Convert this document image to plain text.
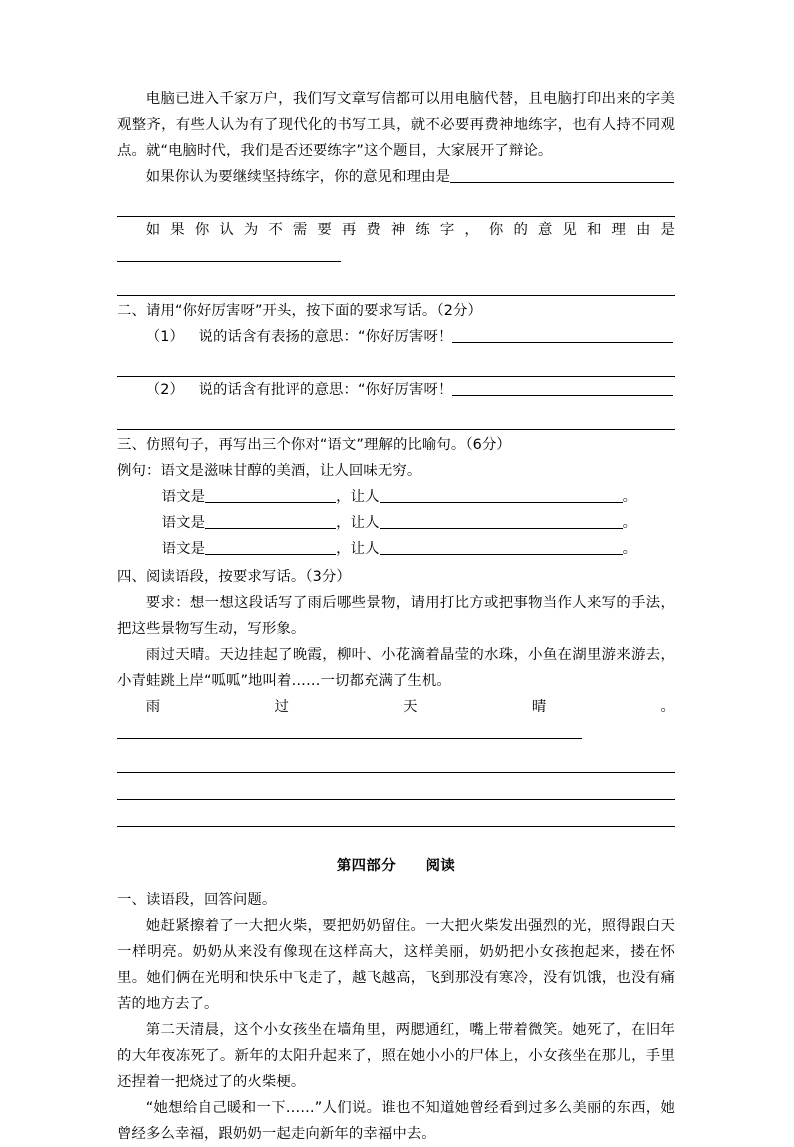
电脑已进入千家万户，我们写文章写信都可以用电脑代替，且电脑打印出来的字美观整齐，有些人认为有了现代化的书写工具，就不必要再费神地练字，也有人持不同观点。就“电脑时代，我们是否还要练字”这个题目，大家展开了辩论。

如果你认为要继续坚持练字，你的意见和理由是

如果你认为不需要再费神练字，你的意见和理由是

二、请用“你好厉害呀”开头，按下面的要求写话。（2分）

（1）　 说的话含有表扬的意思：“你好厉害呀！

（2）　 说的话含有批评的意思：“你好厉害呀！

三、仿照句子，再写出三个你对“语文”理解的比喻句。（6分）

例句：语文是滋味甘醇的美酒，让人回味无穷。

语文是	，让人	。

语文是	，让人	。

语文是	，让人	。

四、阅读语段，按要求写话。（3分）

要求：想一想这段话写了雨后哪些景物，请用打比方或把事物当作人来写的手法，把这些景物写生动，写形象。

雨过天晴。天边挂起了晚霞，柳叶、小花滴着晶莹的水珠，小鱼在湖里游来游去，小青蛙跳上岸“呱呱”地叫着……一切都充满了生机。

雨过天晴。

第四部分　　阅读

一、读语段，回答问题。

她赶紧擦着了一大把火柴，要把奶奶留住。一大把火柴发出强烈的光，照得跟白天一样明亮。奶奶从来没有像现在这样高大，这样美丽，奶奶把小女孩抱起来，搂在怀里。她们俩在光明和快乐中飞走了，越飞越高，飞到那没有寒冷，没有饥饿，也没有痛苦的地方去了。

第二天清晨，这个小女孩坐在墙角里，两腮通红，嘴上带着微笑。她死了，在旧年的大年夜冻死了。新年的太阳升起来了，照在她小小的尸体上，小女孩坐在那儿，手里还捏着一把烧过了的火柴梗。

“她想给自己暖和一下……”人们说。谁也不知道她曾经看到过多么美丽的东西，她曾经多么幸福，跟奶奶一起走向新年的幸福中去。
